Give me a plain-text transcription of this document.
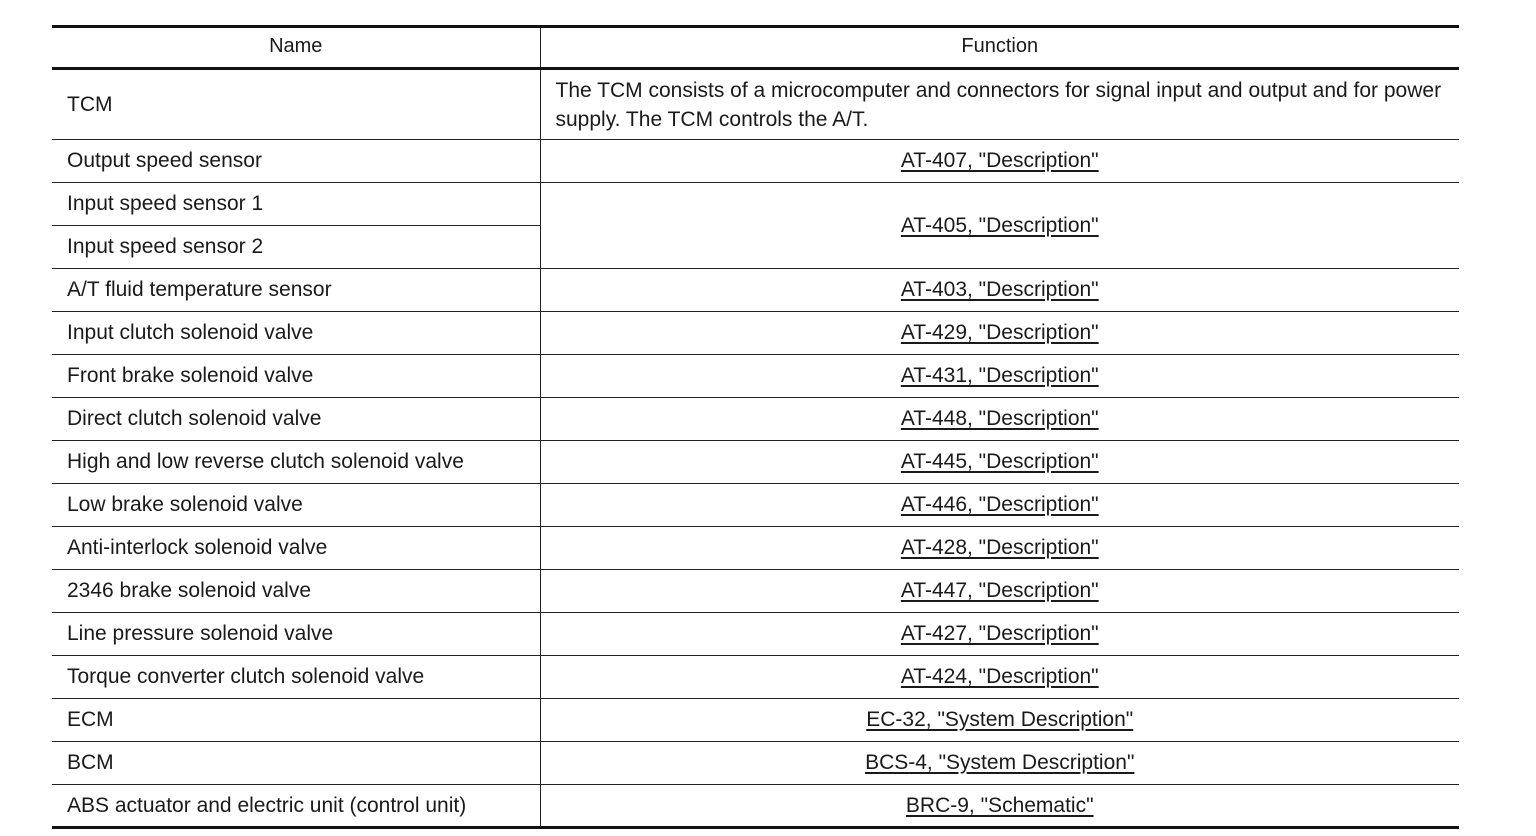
Name	Function
TCM	The TCM consists of a microcomputer and connectors for signal input and output and for power supply. The TCM controls the A/T.
Output speed sensor	AT-407, "Description"
Input speed sensor 1	AT-405, "Description"
Input speed sensor 2	
A/T fluid temperature sensor	AT-403, "Description"
Input clutch solenoid valve	AT-429, "Description"
Front brake solenoid valve	AT-431, "Description"
Direct clutch solenoid valve	AT-448, "Description"
High and low reverse clutch solenoid valve	AT-445, "Description"
Low brake solenoid valve	AT-446, "Description"
Anti-interlock solenoid valve	AT-428, "Description"
2346 brake solenoid valve	AT-447, "Description"
Line pressure solenoid valve	AT-427, "Description"
Torque converter clutch solenoid valve	AT-424, "Description"
ECM	EC-32, "System Description"
BCM	BCS-4, "System Description"
ABS actuator and electric unit (control unit)	BRC-9, "Schematic"
